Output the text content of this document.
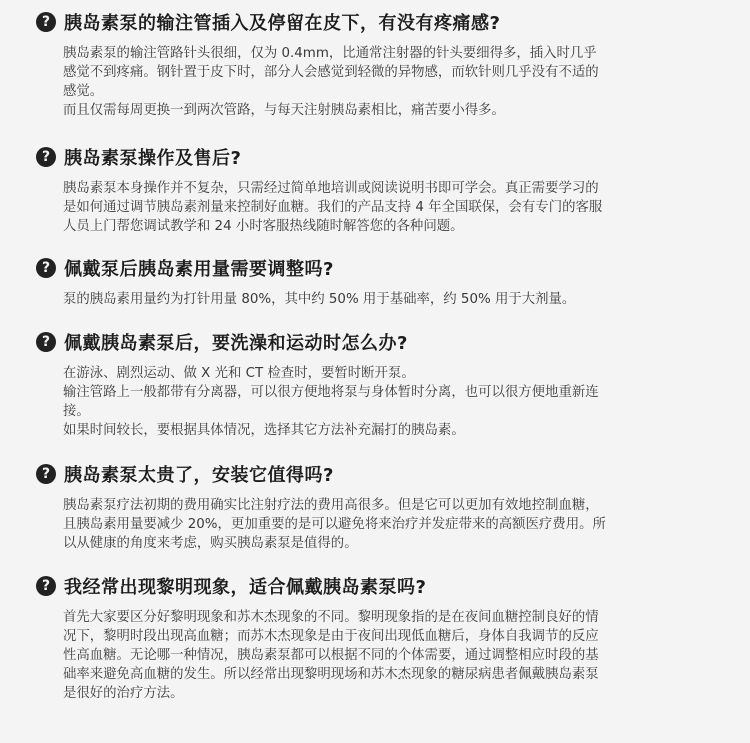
? 胰岛素泵的输注管插入及停留在皮下，有没有疼痛感?
胰岛素泵的输注管路针头很细，仅为 0.4mm，比通常注射器的针头要细得多，插入时几乎
感觉不到疼痛。钢针置于皮下时，部分人会感觉到轻微的异物感，而软针则几乎没有不适的
感觉。
而且仅需每周更换一到两次管路，与每天注射胰岛素相比，痛苦要小得多。
? 胰岛素泵操作及售后?
胰岛素泵本身操作并不复杂，只需经过简单地培训或阅读说明书即可学会。真正需要学习的
是如何通过调节胰岛素剂量来控制好血糖。我们的产品支持 4 年全国联保，会有专门的客服
人员上门帮您调试教学和 24 小时客服热线随时解答您的各种问题。
? 佩戴泵后胰岛素用量需要调整吗?
泵的胰岛素用量约为打针用量 80%，其中约 50% 用于基础率，约 50% 用于大剂量。
? 佩戴胰岛素泵后，要洗澡和运动时怎么办?
在游泳、剧烈运动、做 X 光和 CT 检查时，要暂时断开泵。
输注管路上一般都带有分离器，可以很方便地将泵与身体暂时分离，也可以很方便地重新连
接。
如果时间较长，要根据具体情况，选择其它方法补充漏打的胰岛素。
? 胰岛素泵太贵了，安装它值得吗?
胰岛素泵疗法初期的费用确实比注射疗法的费用高很多。但是它可以更加有效地控制血糖，
且胰岛素用量要减少 20%，更加重要的是可以避免将来治疗并发症带来的高额医疗费用。所
以从健康的角度来考虑，购买胰岛素泵是值得的。
? 我经常出现黎明现象，适合佩戴胰岛素泵吗?
首先大家要区分好黎明现象和苏木杰现象的不同。黎明现象指的是在夜间血糖控制良好的情
况下，黎明时段出现高血糖；而苏木杰现象是由于夜间出现低血糖后，身体自我调节的反应
性高血糖。无论哪一种情况，胰岛素泵都可以根据不同的个体需要，通过调整相应时段的基
础率来避免高血糖的发生。所以经常出现黎明现场和苏木杰现象的糖尿病患者佩戴胰岛素泵
是很好的治疗方法。
